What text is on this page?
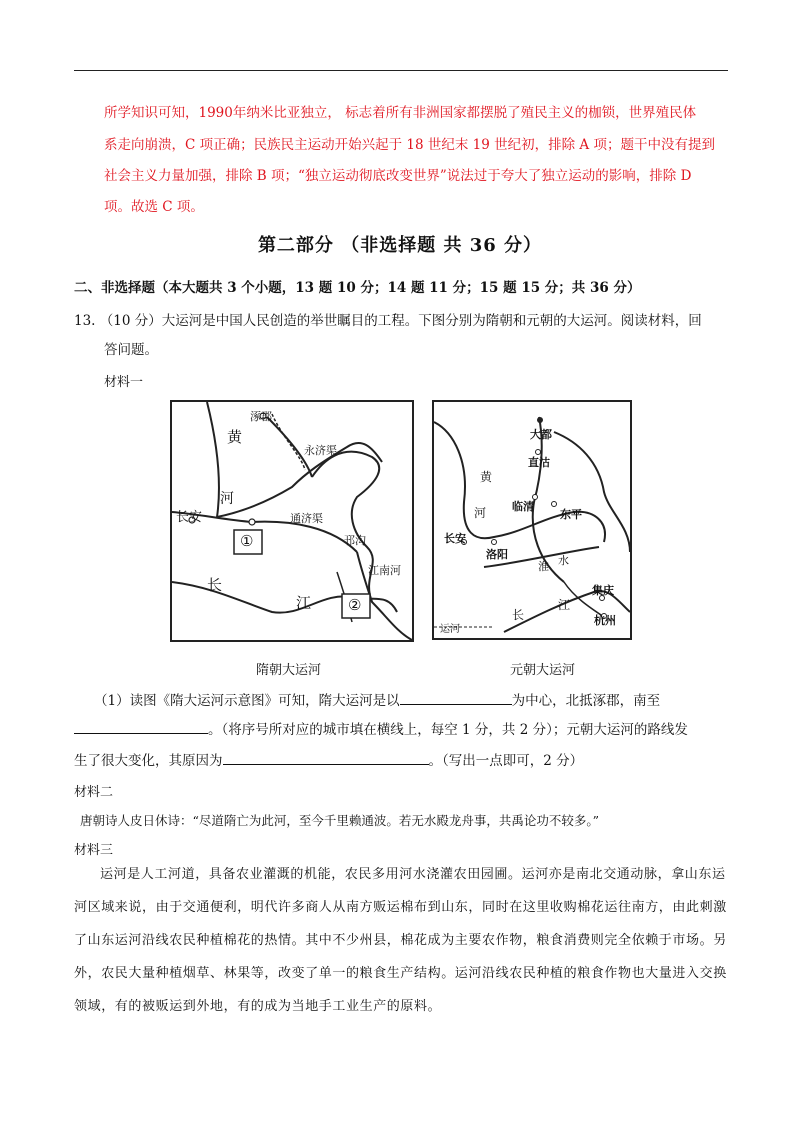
所学知识可知，1990年纳米比亚独立， 标志着所有非洲国家都摆脱了殖民主义的枷锁，世界殖民体
系走向崩溃，C 项正确；民族民主运动开始兴起于 18 世纪末 19 世纪初，排除 A 项；题干中没有提到
社会主义力量加强，排除 B 项；“独立运动彻底改变世界”说法过于夸大了独立运动的影响，排除 D
项。故选 C 项。
第二部分 （非选择题 共 36 分）
二、非选择题（本大题共 3 个小题，13 题 10 分；14 题 11 分；15 题 15 分；共 36 分）
13. （10 分）大运河是中国人民创造的举世瞩目的工程。下图分别为隋朝和元朝的大运河。阅读材料，回
答问题。
材料一
涿郡
黄
永济渠
河
长安	通济渠
邗沟
长
江
江南河
①
②
大都
直沽
黄
河 临清
东平
长安
洛阳
淮 水
集庆
长
江
杭州
运河
隋朝大运河	元朝大运河
（1）读图《隋大运河示意图》可知，隋大运河是以	为中心，北抵涿郡，南至
。（将序号所对应的城市填在横线上，每空 1 分，共 2 分）；元朝大运河的路线发
生了很大变化，其原因为	。（写出一点即可，2 分）
材料二
唐朝诗人皮日休诗：“尽道隋亡为此河，至今千里赖通波。若无水殿龙舟事，共禹论功不较多。”
材料三
运河是人工河道，具备农业灌溉的机能，农民多用河水浇灌农田园圃。运河亦是南北交通动脉，拿山东运河区域来说，由于交通便利，明代许多商人从南方贩运棉布到山东，同时在这里收购棉花运往南方，由此刺激了山东运河沿线农民种植棉花的热情。其中不少州县，棉花成为主要农作物，粮食消费则完全依赖于市场。另外，农民大量种植烟草、林果等，改变了单一的粮食生产结构。运河沿线农民种植的粮食作物也大量进入交换领域，有的被贩运到外地，有的成为当地手工业生产的原料。
